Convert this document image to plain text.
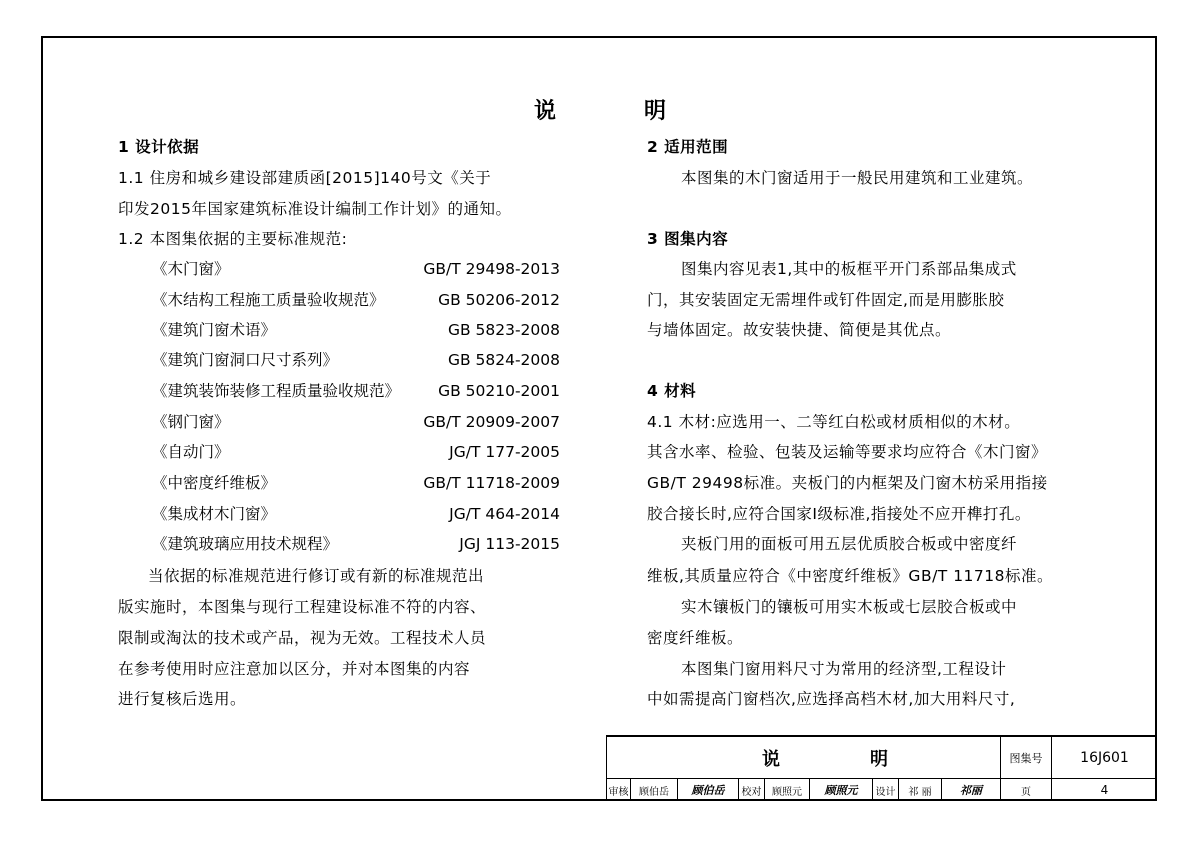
说	明
1 设计依据
1.1 住房和城乡建设部建质函[2015]140号文《关于
印发2015年国家建筑标准设计编制工作计划》的通知。
1.2 本图集依据的主要标准规范:
《木门窗》	GB/T 29498-2013
《木结构工程施工质量验收规范》	GB 50206-2012
《建筑门窗术语》	GB 5823-2008
《建筑门窗洞口尺寸系列》	GB 5824-2008
《建筑装饰装修工程质量验收规范》 GB 50210-2001
《钢门窗》	GB/T 20909-2007
《自动门》	JG/T 177-2005
《中密度纤维板》	GB/T 11718-2009
《集成材木门窗》	JG/T 464-2014
《建筑玻璃应用技术规程》	JGJ 113-2015
当依据的标准规范进行修订或有新的标准规范出
版实施时，本图集与现行工程建设标准不符的内容、
限制或淘汰的技术或产品，视为无效。工程技术人员
在参考使用时应注意加以区分，并对本图集的内容
进行复核后选用。
2 适用范围
本图集的木门窗适用于一般民用建筑和工业建筑。
3 图集内容
图集内容见表1,其中的板框平开门系部品集成式
门，其安装固定无需埋件或钉件固定,而是用膨胀胶
与墙体固定。故安装快捷、简便是其优点。
4 材料
4.1 木材:应选用一、二等红白松或材质相似的木材。
其含水率、检验、包装及运输等要求均应符合《木门窗》
GB/T 29498标准。夹板门的内框架及门窗木枋采用指接
胶合接长时,应符合国家I级标准,指接处不应开榫打孔。
夹板门用的面板可用五层优质胶合板或中密度纤
维板,其质量应符合《中密度纤维板》GB/T 11718标准。
实木镶板门的镶板可用实木板或七层胶合板或中
密度纤维板。
本图集门窗用料尺寸为常用的经济型,工程设计
中如需提高门窗档次,应选择高档木材,加大用料尺寸,
说	明	图集号	16J601
审核	顾伯岳	顾伯岳	校对	顾照元	顾照元	设计	祁 丽	祁丽	页	4
